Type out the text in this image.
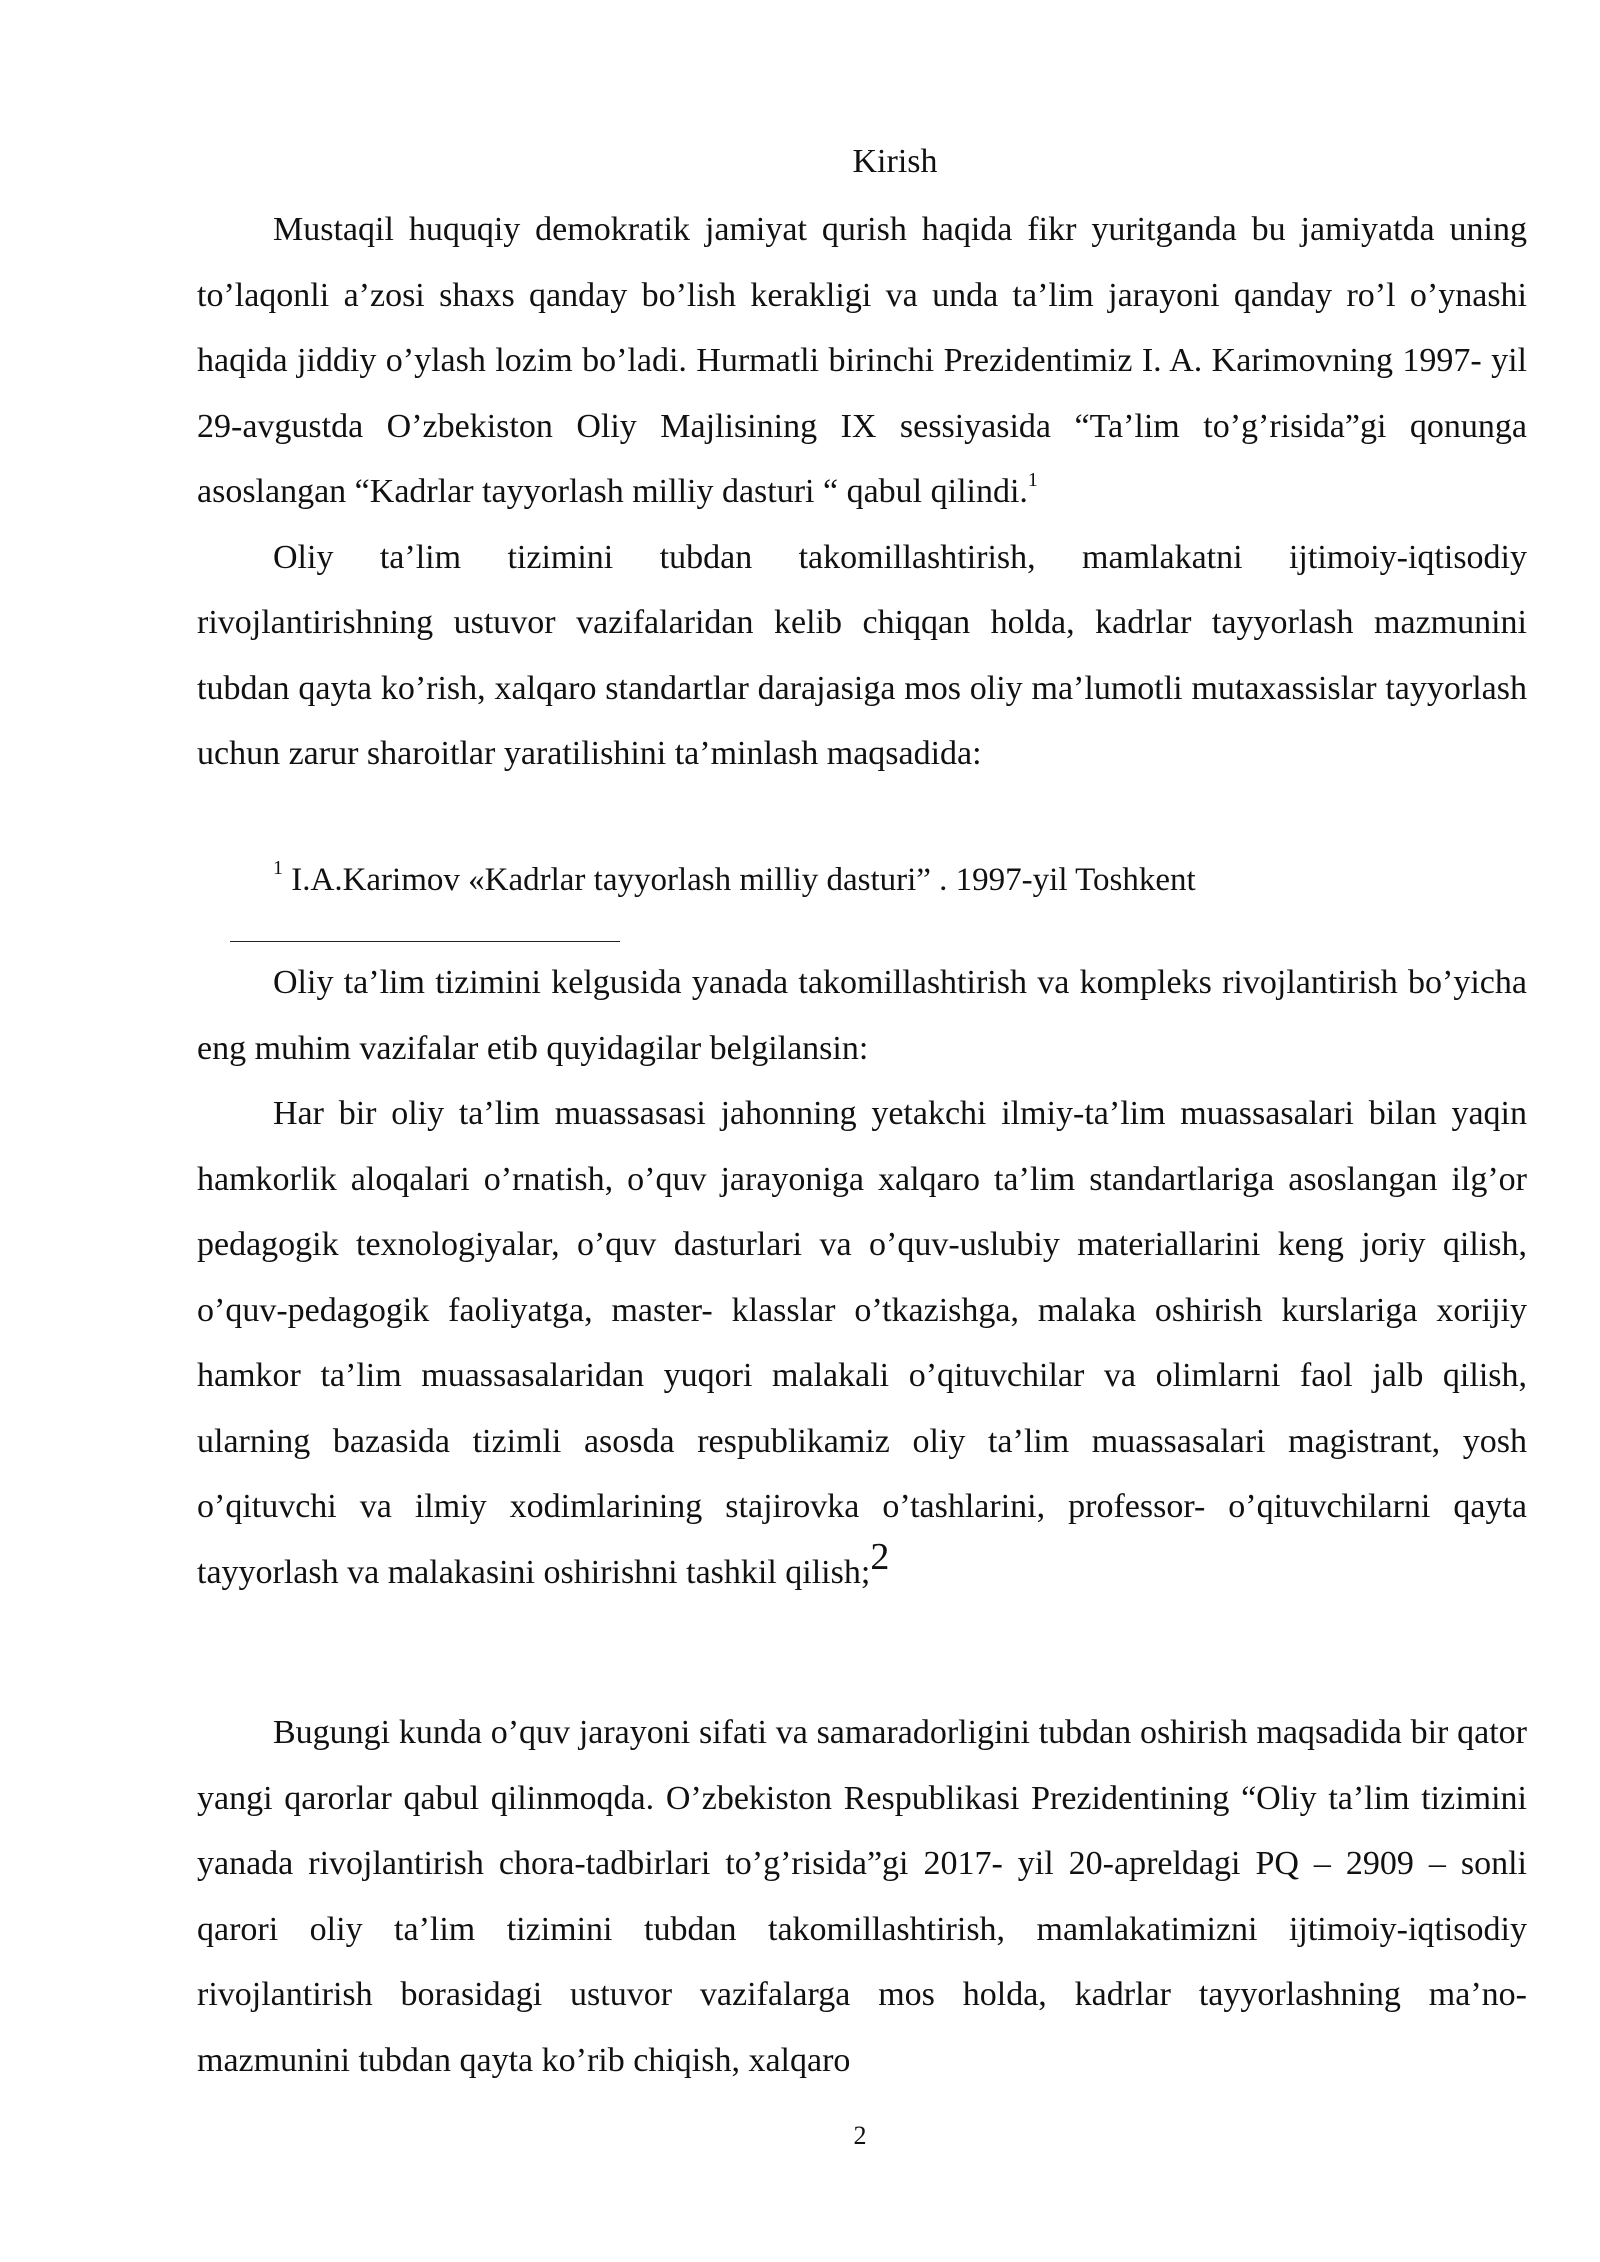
Kirish

Mustaqil huquqiy demokratik jamiyat qurish haqida fikr yuritganda bu jamiyatda uning to’laqonli a’zosi shaxs qanday bo’lish kerakligi va unda ta’lim jarayoni qanday ro’l o’ynashi haqida jiddiy o’ylash lozim bo’ladi. Hurmatli birinchi Prezidentimiz I. A. Karimovning 1997- yil 29-avgustda O’zbekiston Oliy Majlisining IX sessiyasida “Ta’lim to’g’risida”gi qonunga asoslangan “Kadrlar tayyorlash milliy dasturi “ qabul qilindi.$^1$

Oliy ta’lim tizimini tubdan takomillashtirish, mamlakatni ijtimoiy-iqtisodiy rivojlantirishning ustuvor vazifalaridan kelib chiqqan holda, kadrlar tayyorlash mazmunini tubdan qayta ko’rish, xalqaro standartlar darajasiga mos oliy ma’lumotli mutaxassislar tayyorlash uchun zarur sharoitlar yaratilishini ta’minlash maqsadida:

$^1$ I.A.Karimov «Kadrlar tayyorlash milliy dasturi” . 1997-yil Toshkent

Oliy ta’lim tizimini kelgusida yanada takomillashtirish va kompleks rivojlantirish bo’yicha eng muhim vazifalar etib quyidagilar belgilansin:

Har bir oliy ta’lim muassasasi jahonning yetakchi ilmiy-ta’lim muassasalari bilan yaqin hamkorlik aloqalari o’rnatish, o’quv jarayoniga xalqaro ta’lim standartlariga asoslangan ilg’or pedagogik texnologiyalar, o’quv dasturlari va o’quv-uslubiy materiallarini keng joriy qilish, o’quv-pedagogik faoliyatga, master- klasslar o’tkazishga, malaka oshirish kurslariga xorijiy hamkor ta’lim muassasalaridan yuqori malakali o’qituvchilar va olimlarni faol jalb qilish, ularning bazasida tizimli asosda respublikamiz oliy ta’lim muassasalari magistrant, yosh o’qituvchi va ilmiy xodimlarining stajirovka o’tashlarini, professor- o’qituvchilarni qayta tayyorlash va malakasini oshirishni tashkil qilish;2

Bugungi kunda o’quv jarayoni sifati va samaradorligini tubdan oshirish maqsadida bir qator yangi qarorlar qabul qilinmoqda. O’zbekiston Respublikasi Prezidentining “Oliy ta’lim tizimini yanada rivojlantirish chora-tadbirlari to’g’risida”gi 2017- yil 20-apreldagi PQ – 2909 – sonli qarori oliy ta’lim tizimini tubdan takomillashtirish, mamlakatimizni ijtimoiy-iqtisodiy rivojlantirish borasidagi ustuvor vazifalarga mos holda, kadrlar tayyorlashning ma’no- mazmunini tubdan qayta ko’rib chiqish, xalqaro

2
